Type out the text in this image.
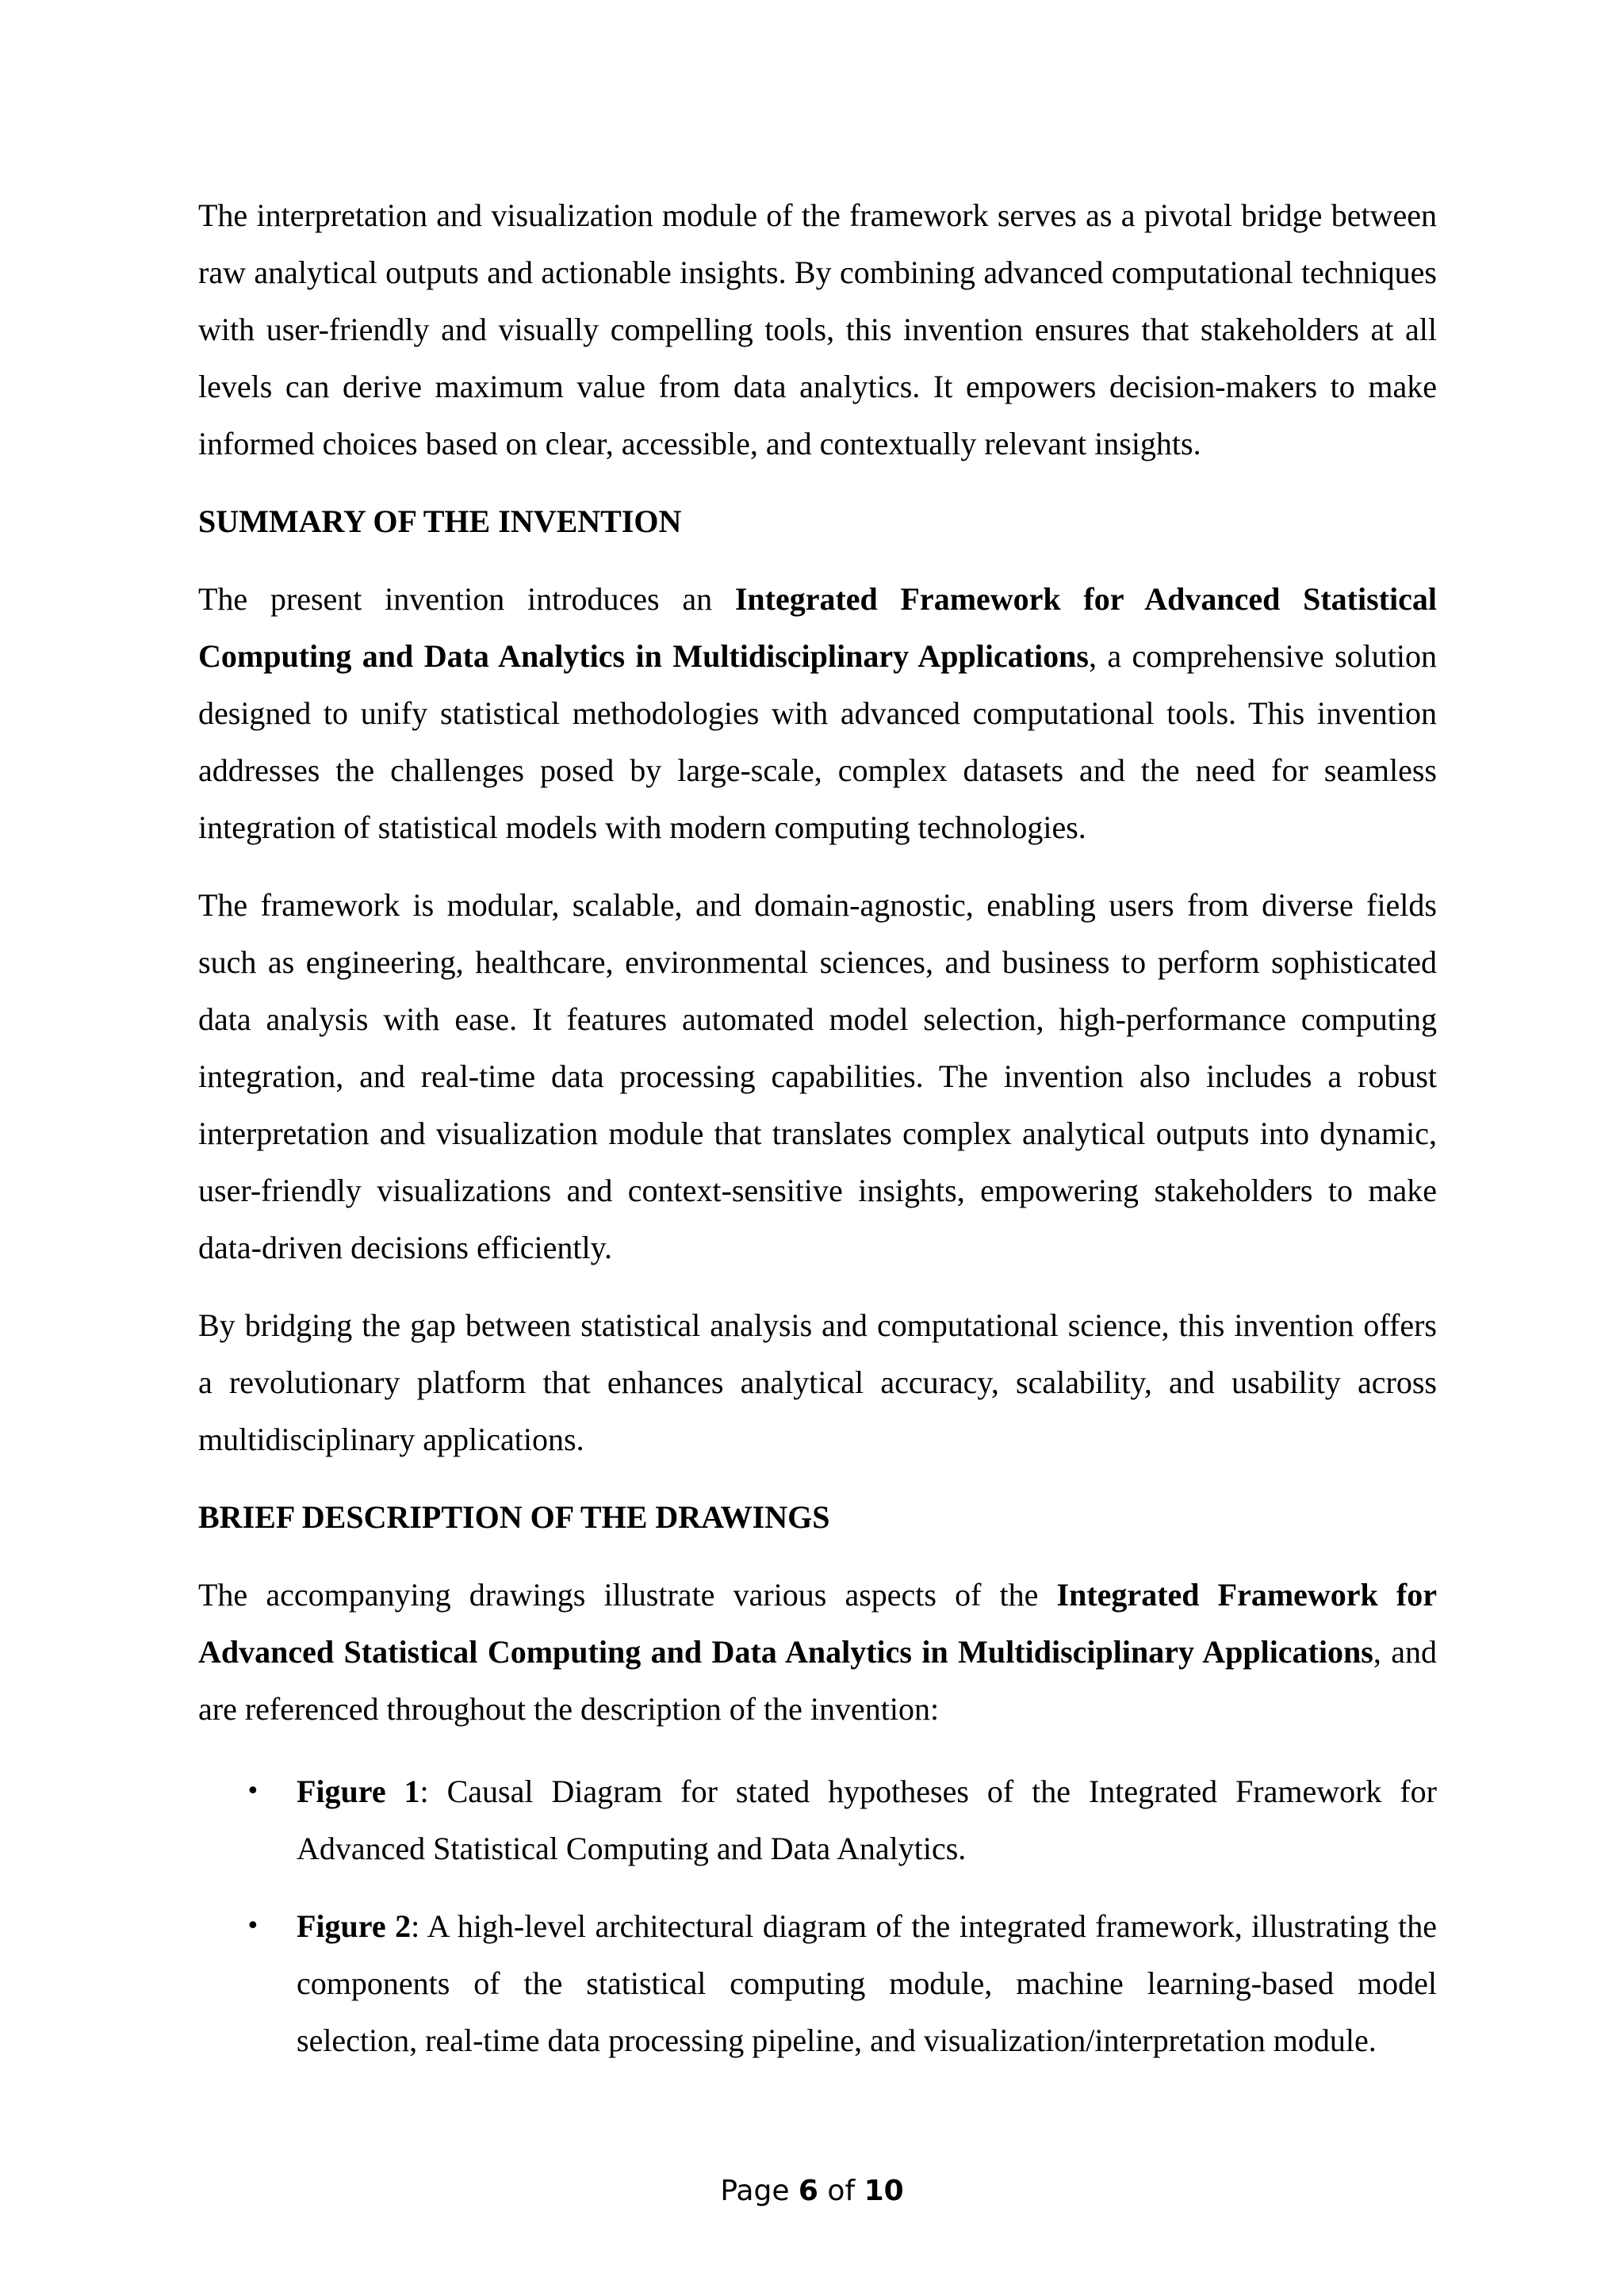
The interpretation and visualization module of the framework serves as a pivotal bridge between raw analytical outputs and actionable insights. By combining advanced computational techniques with user-friendly and visually compelling tools, this invention ensures that stakeholders at all levels can derive maximum value from data analytics. It empowers decision-makers to make informed choices based on clear, accessible, and contextually relevant insights.

SUMMARY OF THE INVENTION

The present invention introduces an Integrated Framework for Advanced Statistical Computing and Data Analytics in Multidisciplinary Applications, a comprehensive solution designed to unify statistical methodologies with advanced computational tools. This invention addresses the challenges posed by large-scale, complex datasets and the need for seamless integration of statistical models with modern computing technologies.

The framework is modular, scalable, and domain-agnostic, enabling users from diverse fields such as engineering, healthcare, environmental sciences, and business to perform sophisticated data analysis with ease. It features automated model selection, high-performance computing integration, and real-time data processing capabilities. The invention also includes a robust interpretation and visualization module that translates complex analytical outputs into dynamic, user-friendly visualizations and context-sensitive insights, empowering stakeholders to make data-driven decisions efficiently.

By bridging the gap between statistical analysis and computational science, this invention offers a revolutionary platform that enhances analytical accuracy, scalability, and usability across multidisciplinary applications.

BRIEF DESCRIPTION OF THE DRAWINGS

The accompanying drawings illustrate various aspects of the Integrated Framework for Advanced Statistical Computing and Data Analytics in Multidisciplinary Applications, and are referenced throughout the description of the invention:

• Figure 1: Causal Diagram for stated hypotheses of the Integrated Framework for Advanced Statistical Computing and Data Analytics.
• Figure 2: A high-level architectural diagram of the integrated framework, illustrating the components of the statistical computing module, machine learning-based model selection, real-time data processing pipeline, and visualization/interpretation module.
Page 6 of 10
